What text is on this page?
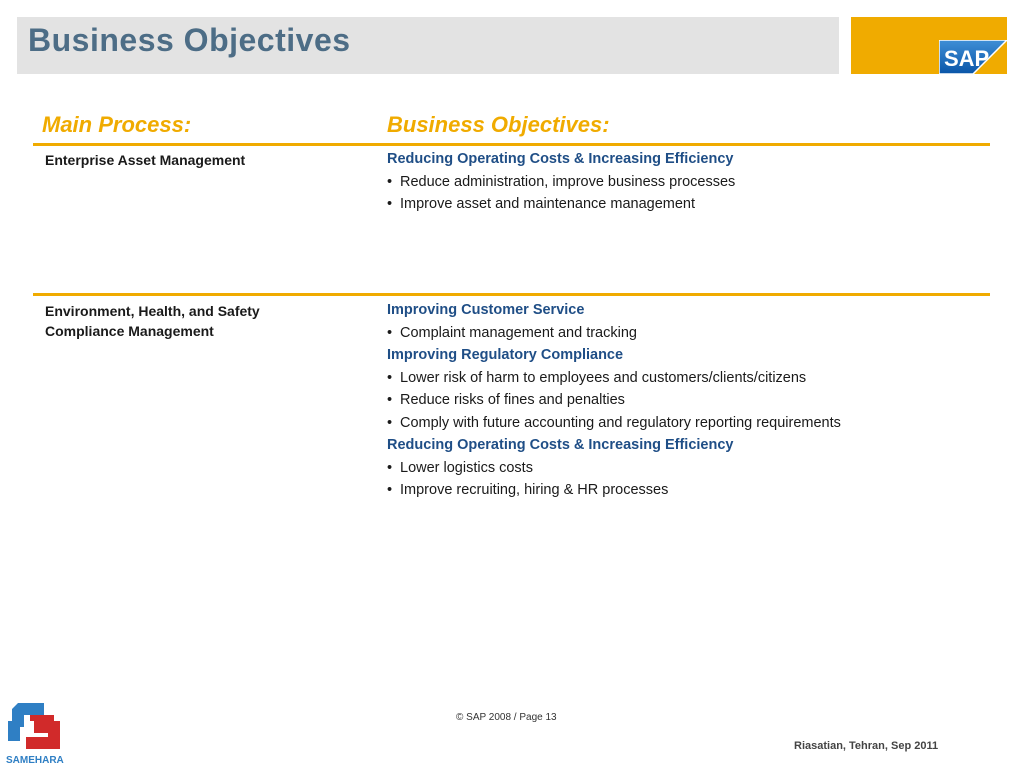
Business Objectives
SAP
Main Process:	Business Objectives:
Enterprise Asset Management	Reducing Operating Costs & Increasing Efficiency
• Reduce administration, improve business processes
• Improve asset and maintenance management
Environment, Health, and Safety
Compliance Management
Improving Customer Service
• Complaint management and tracking
Improving Regulatory Compliance
• Lower risk of harm to employees and customers/clients/citizens
• Reduce risks of fines and penalties
• Comply with future accounting and regulatory reporting requirements
Reducing Operating Costs & Increasing Efficiency
• Lower logistics costs
• Improve recruiting, hiring & HR processes
© SAP 2008 / Page 13
Riasatian, Tehran, Sep 2011
SAMEHARA
